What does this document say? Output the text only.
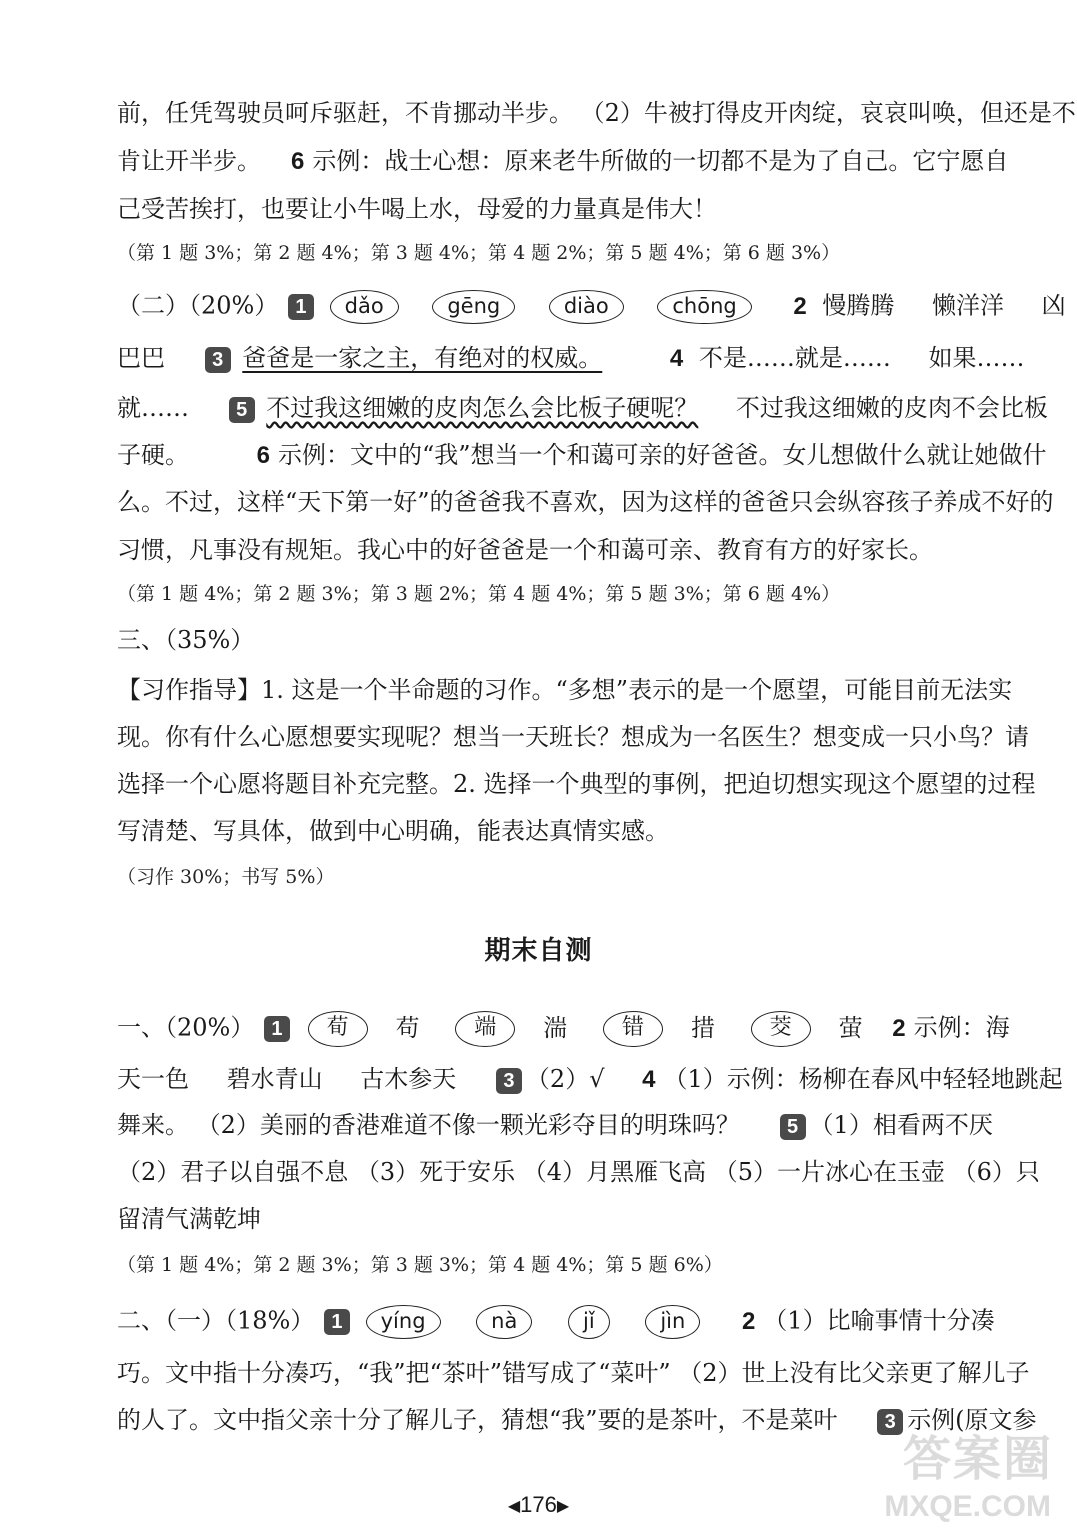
前，任凭驾驶员呵斥驱赶，不肯挪动半步。 （2）牛被打得皮开肉绽，哀哀叫唤，但还是不
肯让开半步。 6 示例：战士心想：原来老牛所做的一切都不是为了自己。它宁愿自
己受苦挨打，也要让小牛喝上水，母爱的力量真是伟大！
（第 1 题 3%；第 2 题 4%；第 3 题 4%；第 4 题 2%；第 5 题 4%；第 6 题 3%）
（二）（20%） 1 dǎo	gēng	diào	chōng 2 慢腾腾 懒洋洋 凶
巴巴 3 爸爸是一家之主，有绝对的权威。	4 不是……就是…… 如果……
就…… 5 不过我这细嫩的皮肉怎么会比板子硬呢？ 不过我这细嫩的皮肉不会比板
子硬。	6 示例：文中的“我”想当一个和蔼可亲的好爸爸。女儿想做什么就让她做什
么。不过，这样“天下第一好”的爸爸我不喜欢，因为这样的爸爸只会纵容孩子养成不好的
习惯，凡事没有规矩。我心中的好爸爸是一个和蔼可亲、教育有方的好家长。
（第 1 题 4%；第 2 题 3%；第 3 题 2%；第 4 题 4%；第 5 题 3%；第 6 题 4%）
三、（35%）
【习作指导】1. 这是一个半命题的习作。“多想”表示的是一个愿望，可能目前无法实
现。你有什么心愿想要实现呢？想当一天班长？想成为一名医生？想变成一只小鸟？请
选择一个心愿将题目补充完整。2. 选择一个典型的事例，把迫切想实现这个愿望的过程
写清楚、写具体，做到中心明确，能表达真情实感。
（习作 30%；书写 5%）
期末自测
一、（20%） 1 荀 苟 端 湍 错 措 茭 萤 2 示例：海
天一色 碧水青山 古木参天 3 （2）√ 4 （1）示例：杨柳在春风中轻轻地跳起
舞来。 （2）美丽的香港难道不像一颗光彩夺目的明珠吗？ 5 （1）相看两不厌
（2）君子以自强不息 （3）死于安乐 （4）月黑雁飞高 （5）一片冰心在玉壶 （6）只
留清气满乾坤
（第 1 题 4%；第 2 题 3%；第 3 题 3%；第 4 题 4%；第 5 题 6%）
二、（一）（18%） 1 yíng	nà	jǐ	jìn 2 （1）比喻事情十分凑
巧。文中指十分凑巧，“我”把“茶叶”错写成了“菜叶” （2）世上没有比父亲更了解儿子
的人了。文中指父亲十分了解儿子，猜想“我”要的是茶叶，不是菜叶 3 示例(原文参
◀176▶
答案圈
MXQE.COM
